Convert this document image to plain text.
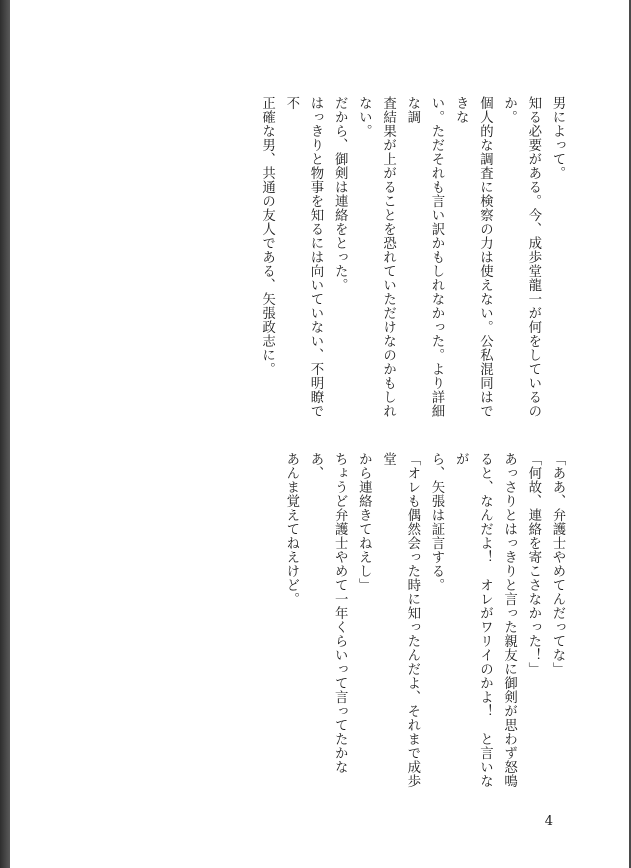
男によって。

知る必要がある。今、成歩堂龍一が何をしているのか。

個人的な調査に検察の力は使えない。公私混同はできな

い。ただそれも言い訳かもしれなかった。より詳細な調

査結果が上がることを恐れていただけなのかもしれない。

だから、御剣は連絡をとった。

はっきりと物事を知るには向いていない、不明瞭で不

正確な男、共通の友人である、矢張政志に。

「ああ、弁護士やめてんだってな」

「何故、連絡を寄こさなかった！」

あっさりとはっきりと言った親友に御剣が思わず怒鳴

ると、なんだよ！　オレがワリイのかよ！　と言いなが

ら、矢張は証言する。

「オレも偶然会った時に知ったんだよ、それまで成歩堂

から連絡きてねえし」

ちょうど弁護士やめて一年くらいって言ってたかなあ、

あんま覚えてねえけど。

4
